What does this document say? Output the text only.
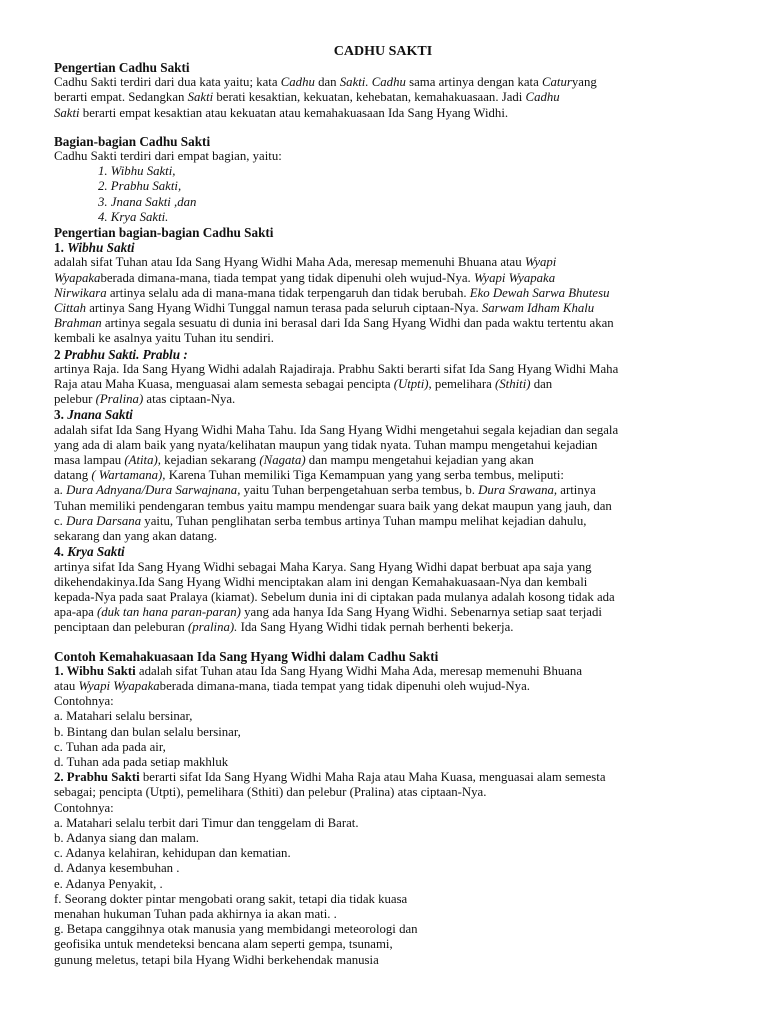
CADHU SAKTI
Pengertian Cadhu Sakti
Cadhu Sakti terdiri dari dua kata yaitu; kata Cadhu dan Sakti. Cadhu sama artinya dengan kata Caturyang
berarti empat. Sedangkan Sakti berati kesaktian, kekuatan, kehebatan, kemahakuasaan. Jadi Cadhu
Sakti berarti empat kesaktian atau kekuatan atau kemahakuasaan Ida Sang Hyang Widhi.
Bagian-bagian Cadhu Sakti
Cadhu Sakti terdiri dari empat bagian, yaitu:
1. Wibhu Sakti,
2. Prabhu Sakti,
3. Jnana Sakti ,dan
4. Krya Sakti.
Pengertian bagian-bagian Cadhu Sakti
1. Wibhu Sakti
adalah sifat Tuhan atau Ida Sang Hyang Widhi Maha Ada, meresap memenuhi Bhuana atau Wyapi
Wyapakaberada dimana-mana, tiada tempat yang tidak dipenuhi oleh wujud-Nya. Wyapi Wyapaka
Nirwikara artinya selalu ada di mana-mana tidak terpengaruh dan tidak berubah. Eko Dewah Sarwa Bhutesu
Cittah artinya Sang Hyang Widhi Tunggal namun terasa pada seluruh ciptaan-Nya. Sarwam Idham Khalu
Brahman artinya segala sesuatu di dunia ini berasal dari Ida Sang Hyang Widhi dan pada waktu tertentu akan
kembali ke asalnya yaitu Tuhan itu sendiri.
2 Prabhu Sakti. Prablu :
artinya Raja. Ida Sang Hyang Widhi adalah Rajadiraja. Prabhu Sakti berarti sifat Ida Sang Hyang Widhi Maha
Raja atau Maha Kuasa, menguasai alam semesta sebagai pencipta (Utpti), pemelihara (Sthiti) dan
pelebur (Pralina) atas ciptaan-Nya.
3. Jnana Sakti
adalah sifat Ida Sang Hyang Widhi Maha Tahu. Ida Sang Hyang Widhi mengetahui segala kejadian dan segala
yang ada di alam baik yang nyata/kelihatan maupun yang tidak nyata. Tuhan mampu mengetahui kejadian
masa lampau (Atita), kejadian sekarang (Nagata) dan mampu mengetahui kejadian yang akan
datang ( Wartamana), Karena Tuhan memiliki Tiga Kemampuan yang yang serba tembus, meliputi:
a. Dura Adnyana/Dura Sarwajnana, yaitu Tuhan berpengetahuan serba tembus, b. Dura Srawana, artinya
Tuhan memiliki pendengaran tembus yaitu mampu mendengar suara baik yang dekat maupun yang jauh, dan
c. Dura Darsana yaitu, Tuhan penglihatan serba tembus artinya Tuhan mampu melihat kejadian dahulu,
sekarang dan yang akan datang.
4. Krya Sakti
artinya sifat Ida Sang Hyang Widhi sebagai Maha Karya. Sang Hyang Widhi dapat berbuat apa saja yang
dikehendakinya.Ida Sang Hyang Widhi menciptakan alam ini dengan Kemahakuasaan-Nya dan kembali
kepada-Nya pada saat Pralaya (kiamat). Sebelum dunia ini di ciptakan pada mulanya adalah kosong tidak ada
apa-apa (duk tan hana paran-paran) yang ada hanya Ida Sang Hyang Widhi. Sebenarnya setiap saat terjadi
penciptaan dan peleburan (pralina). Ida Sang Hyang Widhi tidak pernah berhenti bekerja.
Contoh Kemahakuasaan Ida Sang Hyang Widhi dalam Cadhu Sakti
1. Wibhu Sakti adalah sifat Tuhan atau Ida Sang Hyang Widhi Maha Ada, meresap memenuhi Bhuana
atau Wyapi Wyapakaberada dimana-mana, tiada tempat yang tidak dipenuhi oleh wujud-Nya.
Contohnya:
a. Matahari selalu bersinar,
b. Bintang dan bulan selalu bersinar,
c. Tuhan ada pada air,
d. Tuhan ada pada setiap makhluk
2. Prabhu Sakti berarti sifat Ida Sang Hyang Widhi Maha Raja atau Maha Kuasa, menguasai alam semesta
sebagai; pencipta (Utpti), pemelihara (Sthiti) dan pelebur (Pralina) atas ciptaan-Nya.
Contohnya:
a. Matahari selalu terbit dari Timur dan tenggelam di Barat.
b. Adanya siang dan malam.
c. Adanya kelahiran, kehidupan dan kematian.
d. Adanya kesembuhan .
e. Adanya Penyakit, .
f. Seorang dokter pintar mengobati orang sakit, tetapi dia tidak kuasa
menahan hukuman Tuhan pada akhirnya ia akan mati. .
g. Betapa canggihnya otak manusia yang membidangi meteorologi dan
geofisika untuk mendeteksi bencana alam seperti gempa, tsunami,
gunung meletus, tetapi bila Hyang Widhi berkehendak manusia
